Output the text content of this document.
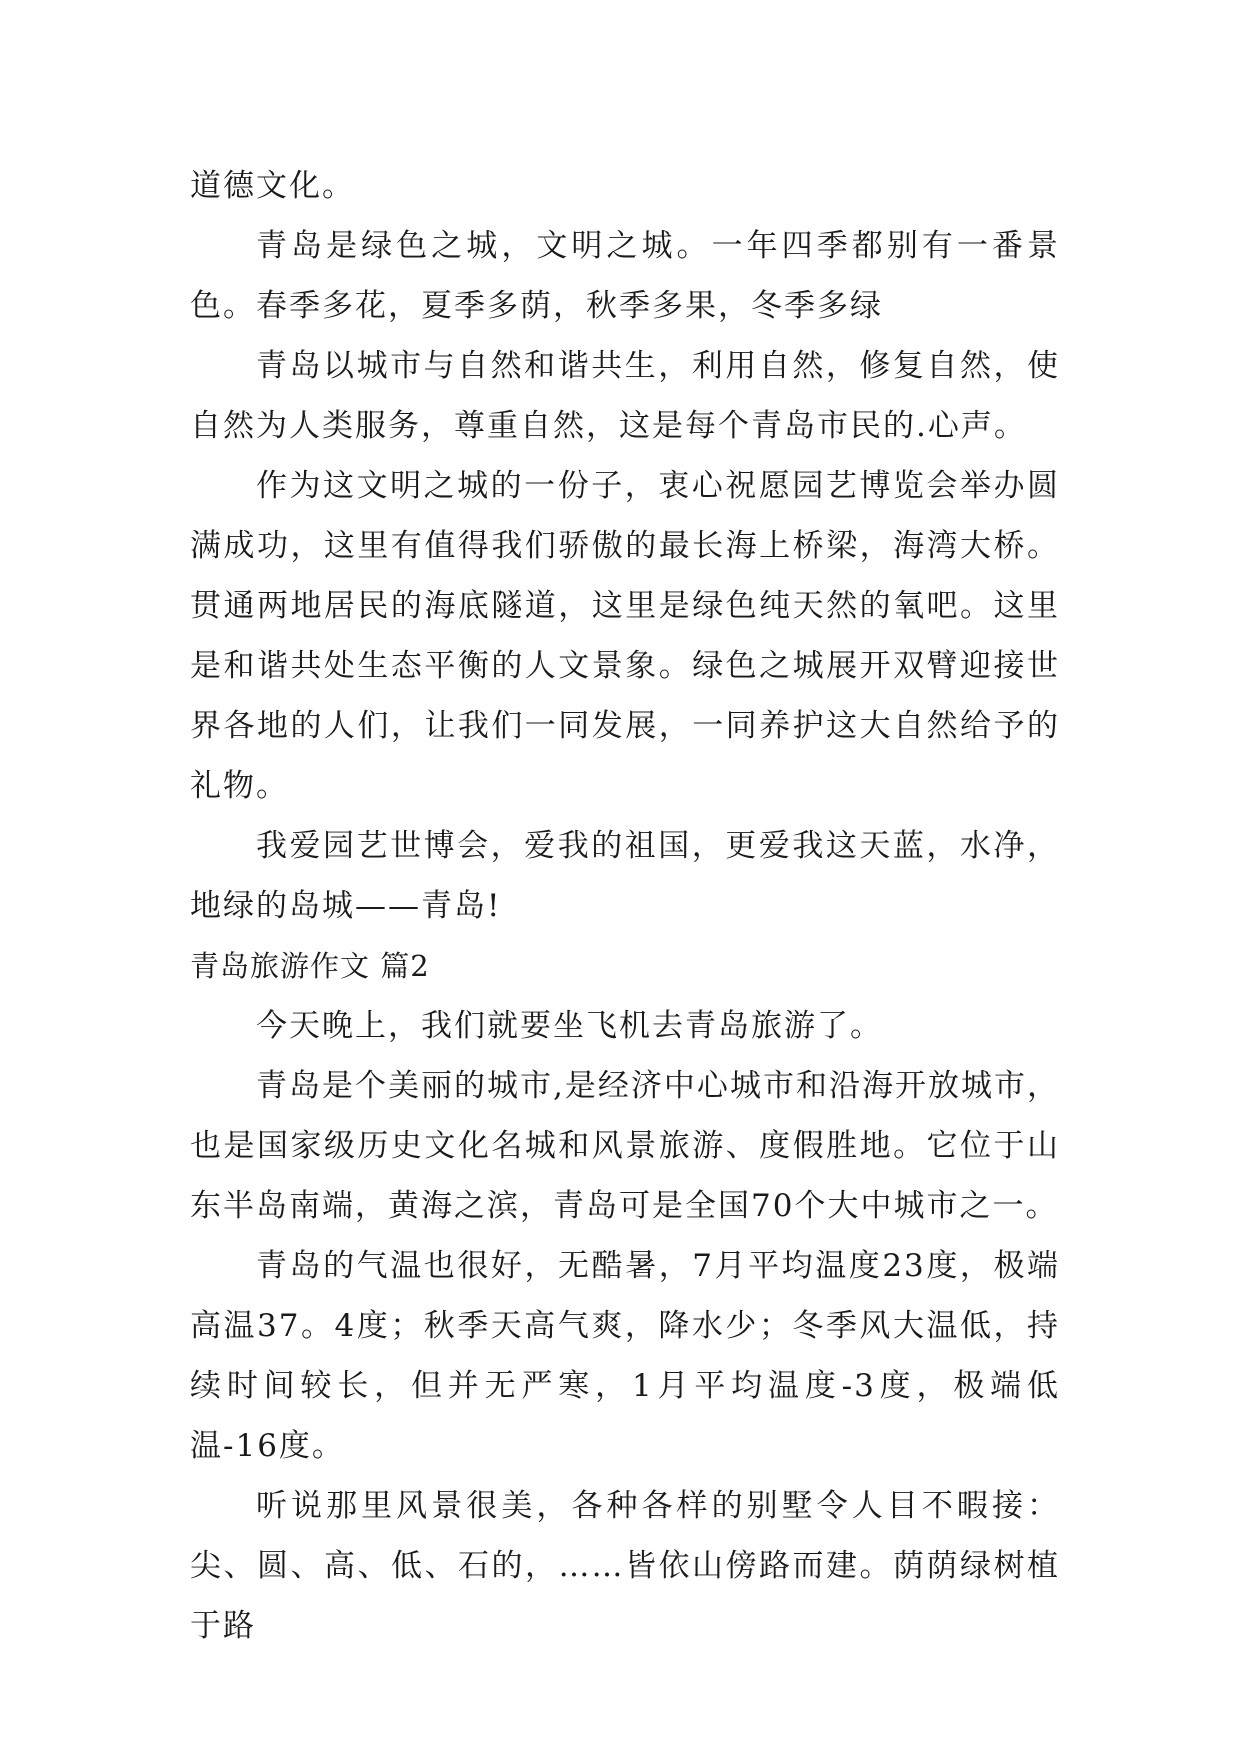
道德文化。

青岛是绿色之城，文明之城。一年四季都别有一番景色。春季多花，夏季多荫，秋季多果，冬季多绿

青岛以城市与自然和谐共生，利用自然，修复自然，使自然为人类服务，尊重自然，这是每个青岛市民的.心声。

作为这文明之城的一份子，衷心祝愿园艺博览会举办圆满成功，这里有值得我们骄傲的最长海上桥梁，海湾大桥。贯通两地居民的海底隧道，这里是绿色纯天然的氧吧。这里是和谐共处生态平衡的人文景象。绿色之城展开双臂迎接世界各地的人们，让我们一同发展，一同养护这大自然给予的礼物。

我爱园艺世博会，爱我的祖国，更爱我这天蓝，水净，地绿的岛城——青岛!

青岛旅游作文 篇2

今天晚上，我们就要坐飞机去青岛旅游了。

青岛是个美丽的城市,是经济中心城市和沿海开放城市，也是国家级历史文化名城和风景旅游、度假胜地。它位于山东半岛南端，黄海之滨，青岛可是全国70个大中城市之一。

青岛的气温也很好，无酷暑，7月平均温度23度，极端高温37。4度；秋季天高气爽，降水少；冬季风大温低，持续时间较长，但并无严寒，1月平均温度-3度，极端低温-16度。

听说那里风景很美，各种各样的别墅令人目不暇接：尖、圆、高、低、石的，……皆依山傍路而建。荫荫绿树植于路
